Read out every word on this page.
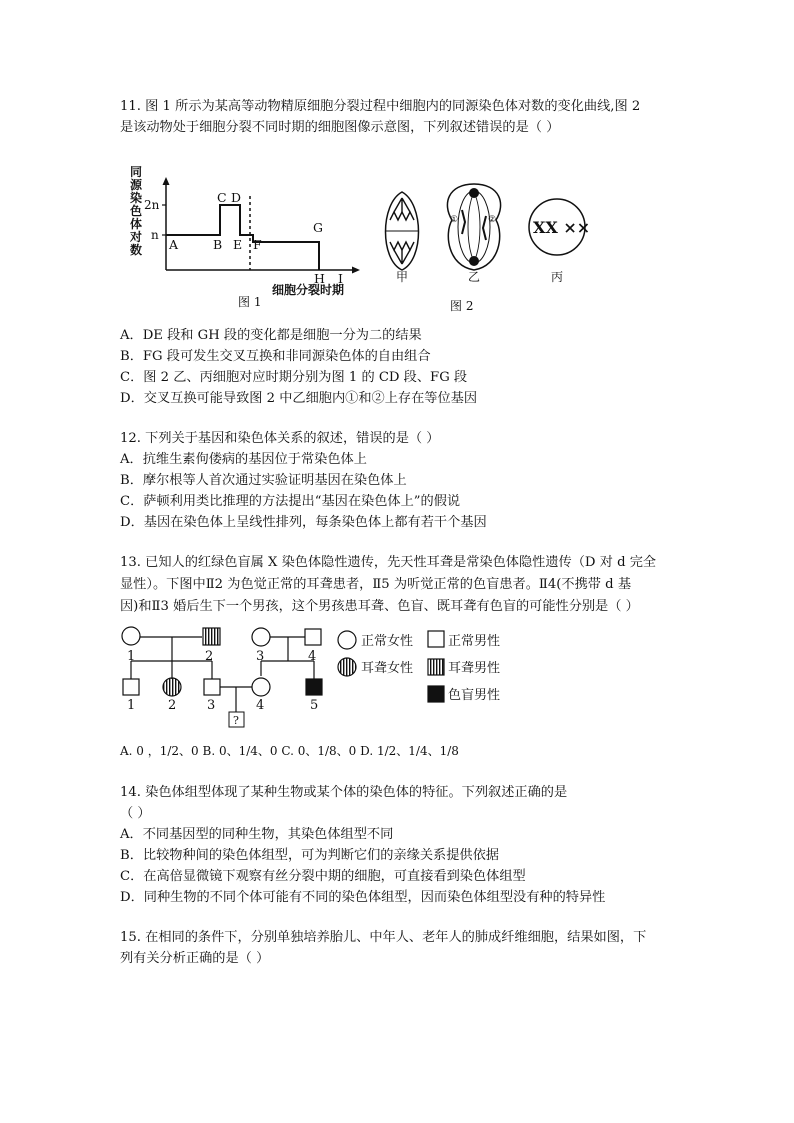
11. 图 1 所示为某高等动物精原细胞分裂过程中细胞内的同源染色体对数的变化曲线,图 2
是该动物处于细胞分裂不同时期的细胞图像示意图，下列叙述错误的是（ ）
同
源
染
色
体
对
数
2n
n
A	B
C D
E F
G
H I
细胞分裂时期
图 1
甲
①	②
乙
XX ××
丙
图 2
A．DE 段和 GH 段的变化都是细胞一分为二的结果
B．FG 段可发生交叉互换和非同源染色体的自由组合
C．图 2 乙、丙细胞对应时期分别为图 1 的 CD 段、FG 段
D．交叉互换可能导致图 2 中乙细胞内①和②上存在等位基因
12. 下列关于基因和染色体关系的叙述，错误的是（ ）
A．抗维生素佝偻病的基因位于常染色体上
B．摩尔根等人首次通过实验证明基因在染色体上
C．萨顿利用类比推理的方法提出“基因在染色体上”的假说
D．基因在染色体上呈线性排列，每条染色体上都有若干个基因
13. 已知人的红绿色盲属 X 染色体隐性遗传，先天性耳聋是常染色体隐性遗传（D 对 d 完全
显性）。下图中Ⅱ2 为色觉正常的耳聋患者，Ⅱ5 为听觉正常的色盲患者。Ⅱ4(不携带 d 基
因)和Ⅱ3 婚后生下一个男孩，这个男孩患耳聋、色盲、既耳聋有色盲的可能性分别是（ ）
?
1	2	3	4
1	2 3	4	5
正常女性	正常男性
耳聋女性	耳聋男性
色盲男性
A. 0 ，1/2、0 B. 0、1/4、0 C. 0、1/8、0 D. 1/2、1/4、1/8
14. 染色体组型体现了某种生物或某个体的染色体的特征。下列叙述正确的是
（ ）
A．不同基因型的同种生物，其染色体组型不同
B．比较物种间的染色体组型，可为判断它们的亲缘关系提供依据
C．在高倍显微镜下观察有丝分裂中期的细胞，可直接看到染色体组型
D．同种生物的不同个体可能有不同的染色体组型，因而染色体组型没有种的特异性
15. 在相同的条件下，分别单独培养胎儿、中年人、老年人的肺成纤维细胞，结果如图，下
列有关分析正确的是（ ）
